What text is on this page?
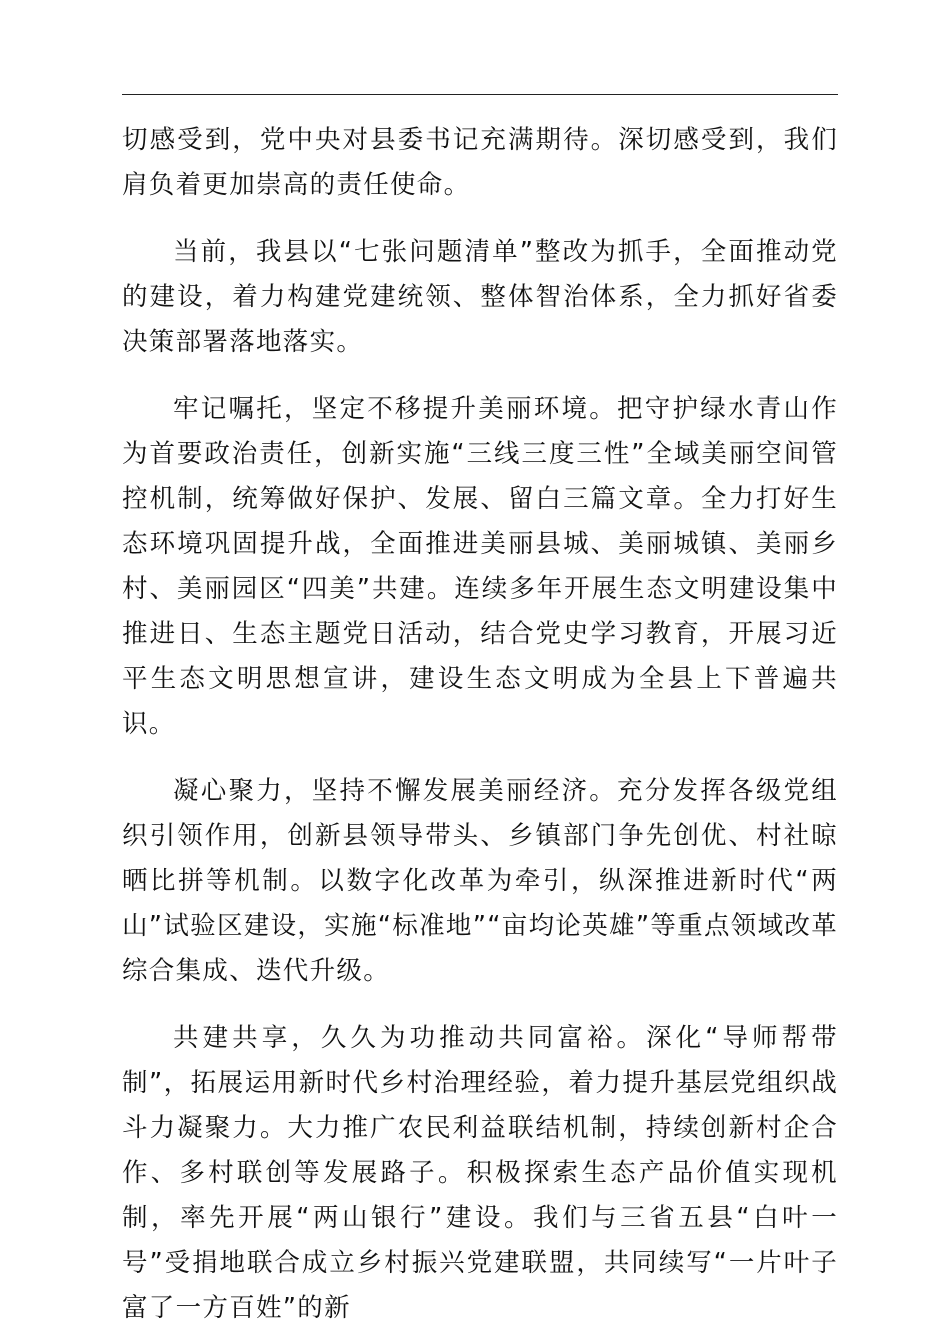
切感受到，党中央对县委书记充满期待。深切感受到，我们肩负着更加崇高的责任使命。

当前，我县以“七张问题清单”整改为抓手，全面推动党的建设，着力构建党建统领、整体智治体系，全力抓好省委决策部署落地落实。

牢记嘱托，坚定不移提升美丽环境。把守护绿水青山作为首要政治责任，创新实施“三线三度三性”全域美丽空间管控机制，统筹做好保护、发展、留白三篇文章。全力打好生态环境巩固提升战，全面推进美丽县城、美丽城镇、美丽乡村、美丽园区“四美”共建。连续多年开展生态文明建设集中推进日、生态主题党日活动，结合党史学习教育，开展习近平生态文明思想宣讲，建设生态文明成为全县上下普遍共识。

凝心聚力，坚持不懈发展美丽经济。充分发挥各级党组织引领作用，创新县领导带头、乡镇部门争先创优、村社晾晒比拼等机制。以数字化改革为牵引，纵深推进新时代“两山”试验区建设，实施“标准地”“亩均论英雄”等重点领域改革综合集成、迭代升级。

共建共享，久久为功推动共同富裕。深化“导师帮带制”，拓展运用新时代乡村治理经验，着力提升基层党组织战斗力凝聚力。大力推广农民利益联结机制，持续创新村企合作、多村联创等发展路子。积极探索生态产品价值实现机制，率先开展“两山银行”建设。我们与三省五县“白叶一号”受捐地联合成立乡村振兴党建联盟，共同续写“一片叶子富了一方百姓”的新
